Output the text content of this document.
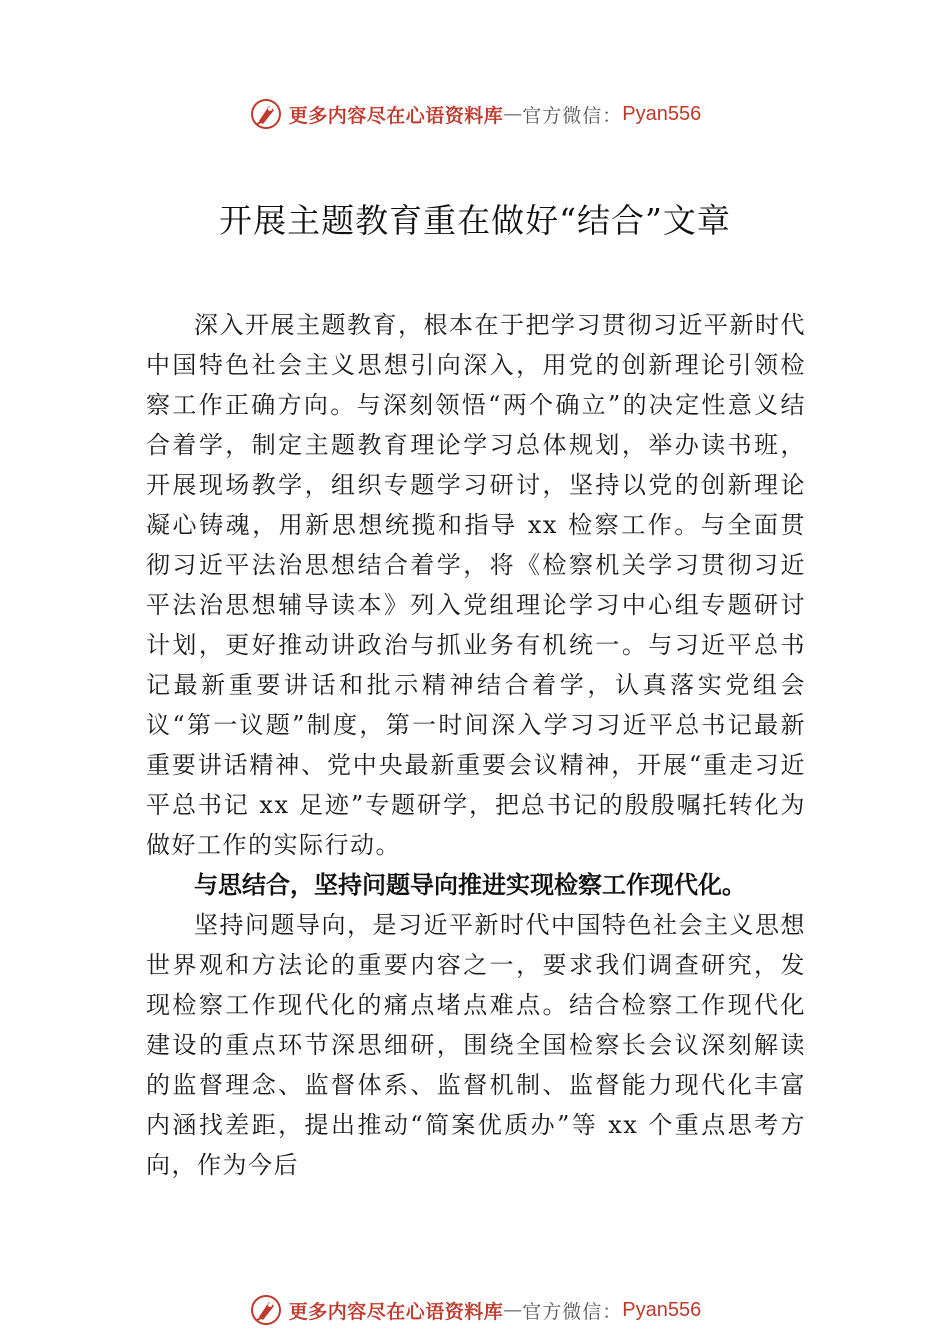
更多内容尽在心语资料库 — 官方微信： Pyan556
开展主题教育重在做好“结合”文章

深入开展主题教育，根本在于把学习贯彻习近平新时代中国特色社会主义思想引向深入，用党的创新理论引领检察工作正确方向。与深刻领悟“两个确立”的决定性意义结合着学，制定主题教育理论学习总体规划，举办读书班，开展现场教学，组织专题学习研讨，坚持以党的创新理论凝心铸魂，用新思想统揽和指导 xx 检察工作。与全面贯彻习近平法治思想结合着学，将《检察机关学习贯彻习近平法治思想辅导读本》列入党组理论学习中心组专题研讨计划，更好推动讲政治与抓业务有机统一。与习近平总书记最新重要讲话和批示精神结合着学，认真落实党组会议“第一议题”制度，第一时间深入学习习近平总书记最新重要讲话精神、党中央最新重要会议精神，开展“重走习近平总书记 xx 足迹”专题研学，把总书记的殷殷嘱托转化为做好工作的实际行动。

与思结合，坚持问题导向推进实现检察工作现代化。

坚持问题导向，是习近平新时代中国特色社会主义思想世界观和方法论的重要内容之一，要求我们调查研究，发现检察工作现代化的痛点堵点难点。结合检察工作现代化建设的重点环节深思细研，围绕全国检察长会议深刻解读的监督理念、监督体系、监督机制、监督能力现代化丰富内涵找差距，提出推动“简案优质办”等 xx 个重点思考方向，作为今后

更多内容尽在心语资料库 — 官方微信： Pyan556
